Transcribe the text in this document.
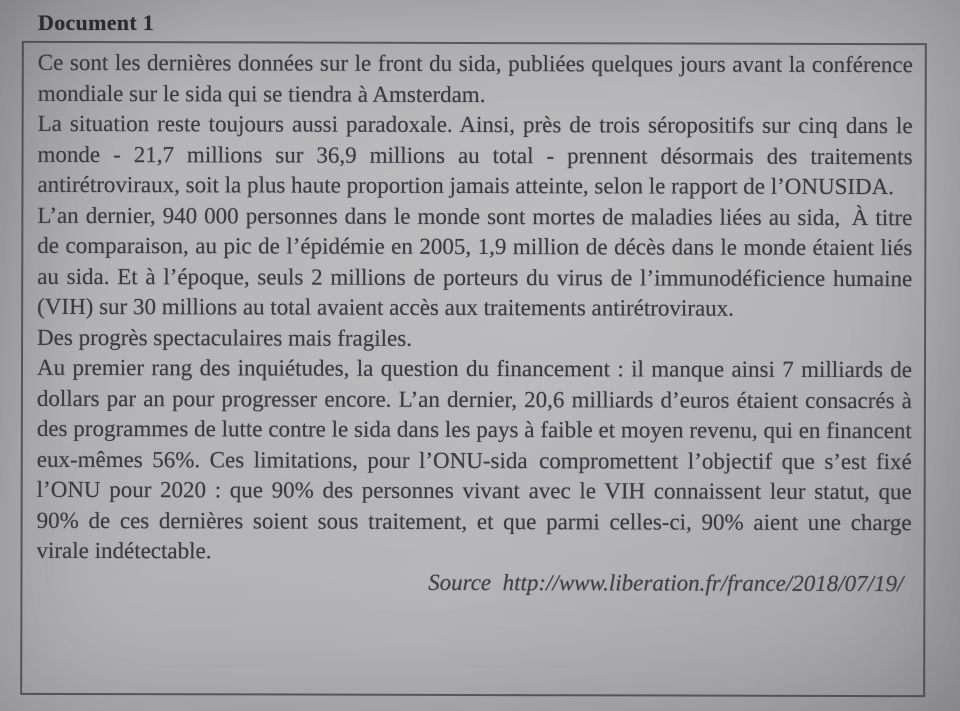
Document 1

Ce sont les dernières données sur le front du sida, publiées quelques jours avant la conférence mondiale sur le sida qui se tiendra à Amsterdam.

La situation reste toujours aussi paradoxale. Ainsi, près de trois séropositifs sur cinq dans le monde - 21,7 millions sur 36,9 millions au total - prennent désormais des traitements antirétroviraux, soit la plus haute proportion jamais atteinte, selon le rapport de l’ONUSIDA.

L’an dernier, 940 000 personnes dans le monde sont mortes de maladies liées au sida, À titre de comparaison, au pic de l’épidémie en 2005, 1,9 million de décès dans le monde étaient liés au sida. Et à l’époque, seuls 2 millions de porteurs du virus de l’immunodéficience humaine (VIH) sur 30 millions au total avaient accès aux traitements antirétroviraux.

Des progrès spectaculaires mais fragiles.

Au premier rang des inquiétudes, la question du financement : il manque ainsi 7 milliards de dollars par an pour progresser encore. L’an dernier, 20,6 milliards d’euros étaient consacrés à des programmes de lutte contre le sida dans les pays à faible et moyen revenu, qui en financent eux-mêmes 56%. Ces limitations, pour l’ONU-sida compromettent l’objectif que s’est fixé l’ONU pour 2020 : que 90% des personnes vivant avec le VIH connaissent leur statut, que 90% de ces dernières soient sous traitement, et que parmi celles-ci, 90% aient une charge virale indétectable.

Source http://www.liberation.fr/france/2018/07/19/
